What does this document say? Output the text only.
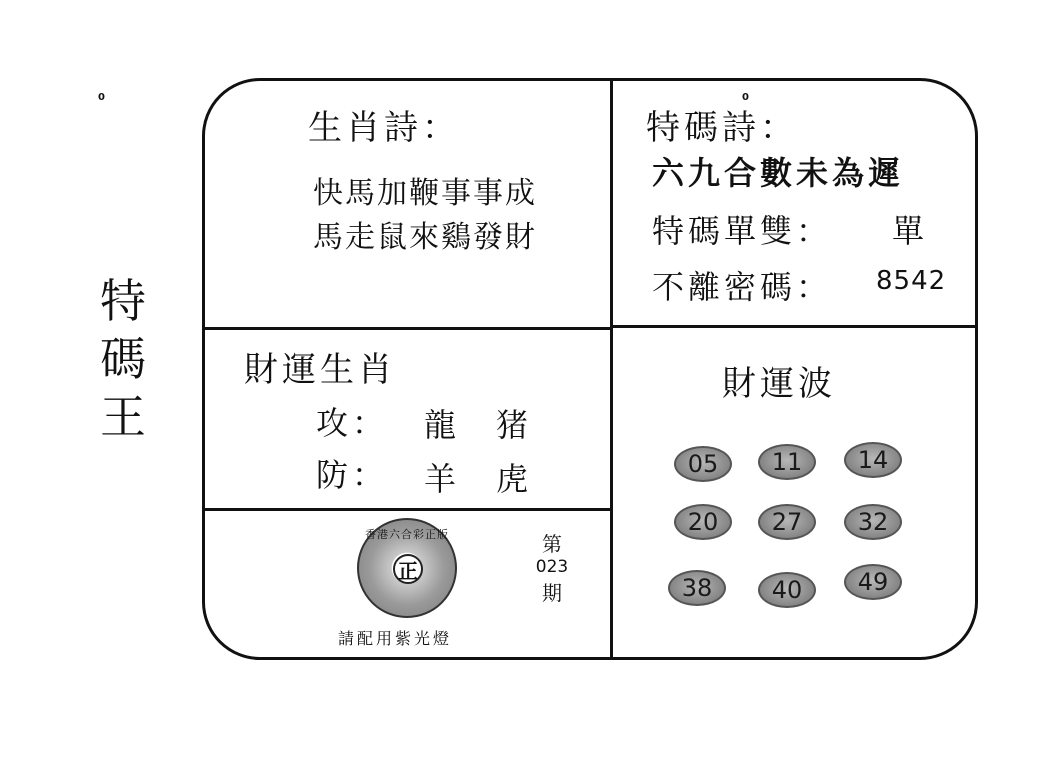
0	0
特
碼
王
生肖詩：
快馬加鞭事事成
馬走鼠來鷄發財
特碼詩：
六九合數未為遲
特碼單雙： 單
不離密碼： 8542
財運生肖
攻： 龍　猪
防： 羊　虎
財運波
05	11	14
20	27	32
38	40	49
香港六合彩正版
正
第
023
期
請配用紫光燈
